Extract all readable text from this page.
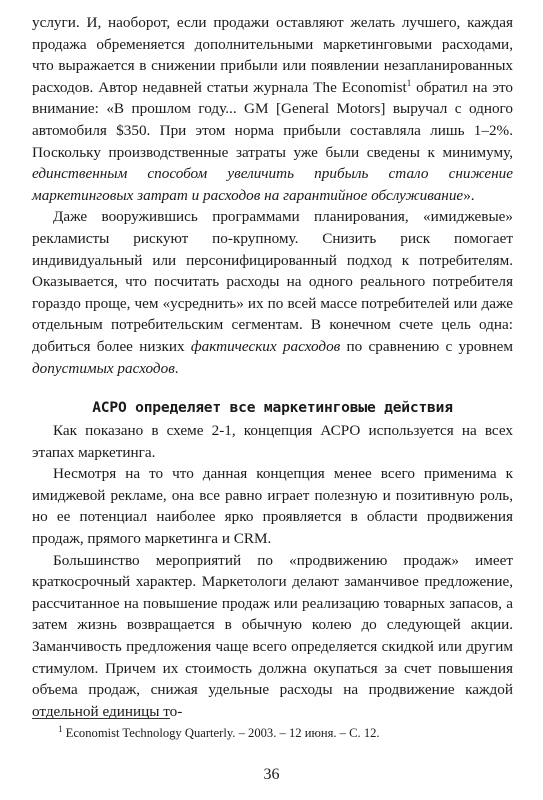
услуги. И, наоборот, если продажи оставляют желать лучшего, каждая продажа обременяется дополнительными маркетинговыми расходами, что выражается в снижении прибыли или появлении незапланированных расходов. Автор недавней статьи журнала The Economist$^1$ обратил на это внимание: «В прошлом году... GM [General Motors] выручал с одного автомобиля $350. При этом норма прибыли составляла лишь 1–2%. Поскольку производственные затраты уже были сведены к минимуму, единственным способом увеличить прибыль стало снижение маркетинговых затрат и расходов на гарантийное обслуживание».

Даже вооружившись программами планирования, «имиджевые» рекламисты рискуют по-крупному. Снизить риск помогает индивидуальный или персонифицированный подход к потребителям. Оказывается, что посчитать расходы на одного реального потребителя гораздо проще, чем «усреднить» их по всей массе потребителей или даже отдельным потребительским сегментам. В конечном счете цель одна: добиться более низких фактических расходов по сравнению с уровнем допустимых расходов.

АСРО определяет все маркетинговые действия

Как показано в схеме 2-1, концепция АСРО используется на всех этапах маркетинга.

Несмотря на то что данная концепция менее всего применима к имиджевой рекламе, она все равно играет полезную и позитивную роль, но ее потенциал наиболее ярко проявляется в области продвижения продаж, прямого маркетинга и CRM.

Большинство мероприятий по «продвижению продаж» имеет краткосрочный характер. Маркетологи делают заманчивое предложение, рассчитанное на повышение продаж или реализацию товарных запасов, а затем жизнь возвращается в обычную колею до следующей акции. Заманчивость предложения чаще всего определяется скидкой или другим стимулом. Причем их стоимость должна окупаться за счет повышения объема продаж, снижая удельные расходы на продвижение каждой отдельной единицы то-

$^1$ Economist Technology Quarterly. – 2003. – 12 июня. – С. 12.
36
